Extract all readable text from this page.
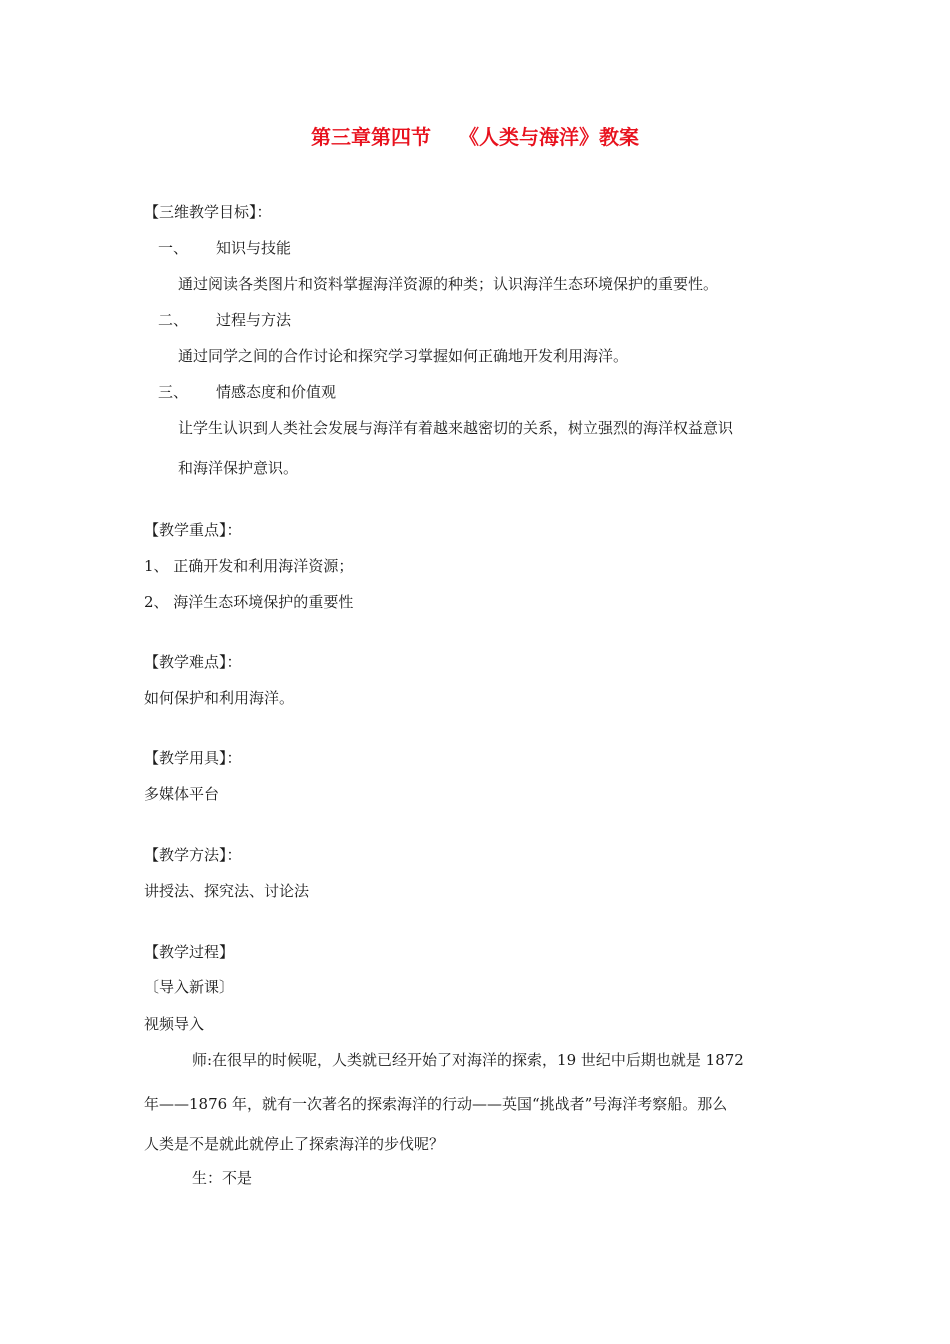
第三章第四节 《人类与海洋》教案
【三维教学目标】：
一、 知识与技能
通过阅读各类图片和资料掌握海洋资源的种类；认识海洋生态环境保护的重要性。
二、 过程与方法
通过同学之间的合作讨论和探究学习掌握如何正确地开发利用海洋。
三、 情感态度和价值观
让学生认识到人类社会发展与海洋有着越来越密切的关系，树立强烈的海洋权益意识
和海洋保护意识。
【教学重点】：
1、 正确开发和利用海洋资源；
2、 海洋生态环境保护的重要性
【教学难点】：
如何保护和利用海洋。
【教学用具】：
多媒体平台
【教学方法】：
讲授法、探究法、讨论法
【教学过程】
〔导入新课〕
视频导入
师:在很早的时候呢，人类就已经开始了对海洋的探索，19 世纪中后期也就是 1872
年——1876 年，就有一次著名的探索海洋的行动——英国“挑战者”号海洋考察船。那么
人类是不是就此就停止了探索海洋的步伐呢？
生：不是
